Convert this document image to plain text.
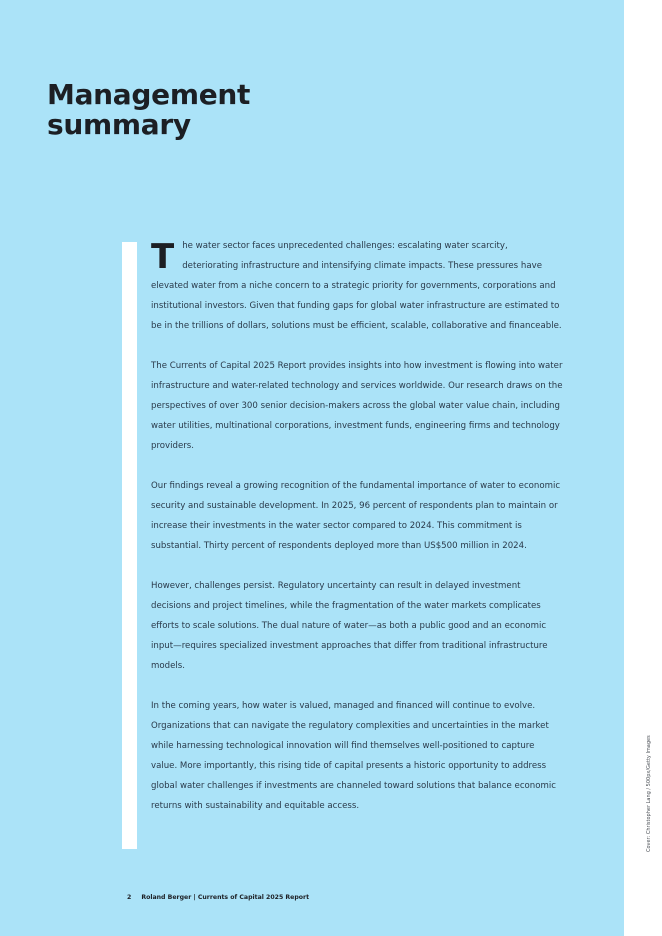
Management
summary

The water sector faces unprecedented challenges: escalating water scarcity, deteriorating infrastructure and intensifying climate impacts. These pressures have elevated water from a niche concern to a strategic priority for governments, corporations and institutional investors. Given that funding gaps for global water infrastructure are estimated to be in the trillions of dollars, solutions must be efficient, scalable, collaborative and financeable.

The Currents of Capital 2025 Report provides insights into how investment is flowing into water infrastructure and water-related technology and services worldwide. Our research draws on the perspectives of over 300 senior decision-makers across the global water value chain, including water utilities, multinational corporations, investment funds, engineering firms and technology providers.

Our findings reveal a growing recognition of the fundamental importance of water to economic security and sustainable development. In 2025, 96 percent of respondents plan to maintain or increase their investments in the water sector compared to 2024. This commitment is substantial. Thirty percent of respondents deployed more than US$500 million in 2024.

However, challenges persist. Regulatory uncertainty can result in delayed investment decisions and project timelines, while the fragmentation of the water markets complicates efforts to scale solutions. The dual nature of water—as both a public good and an economic input—requires specialized investment approaches that differ from traditional infrastructure models.

In the coming years, how water is valued, managed and financed will continue to evolve. Organizations that can navigate the regulatory complexities and uncertainties in the market while harnessing technological innovation will find themselves well-positioned to capture value. More importantly, this rising tide of capital presents a historic opportunity to address global water challenges if investments are channeled toward solutions that balance economic returns with sustainability and equitable access.

2 Roland Berger | Currents of Capital 2025 Report
Cover: Christopher Lang / 500px/Getty Images
